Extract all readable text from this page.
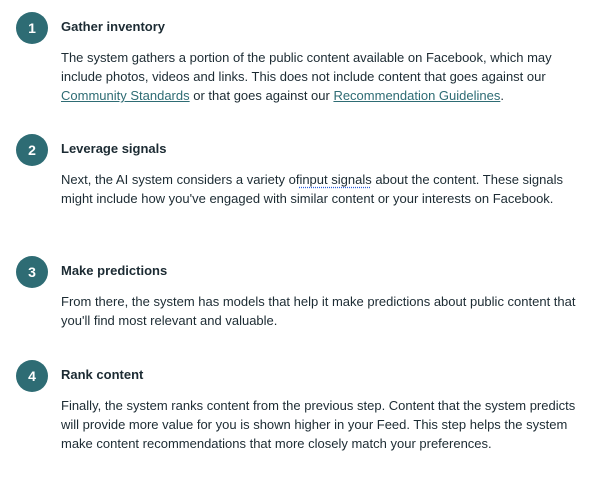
1	Gather inventory
The system gathers a portion of the public content available on Facebook, which may include photos, videos and links. This does not include content that goes against our Community Standards or that goes against our Recommendation Guidelines.
2	Leverage signals
Next, the AI system considers a variety ofinput signals about the content. These signals might include how you've engaged with similar content or your interests on Facebook.
3	Make predictions
From there, the system has models that help it make predictions about public content that you'll find most relevant and valuable.
4	Rank content
Finally, the system ranks content from the previous step. Content that the system predicts will provide more value for you is shown higher in your Feed. This step helps the system make content recommendations that more closely match your preferences.
